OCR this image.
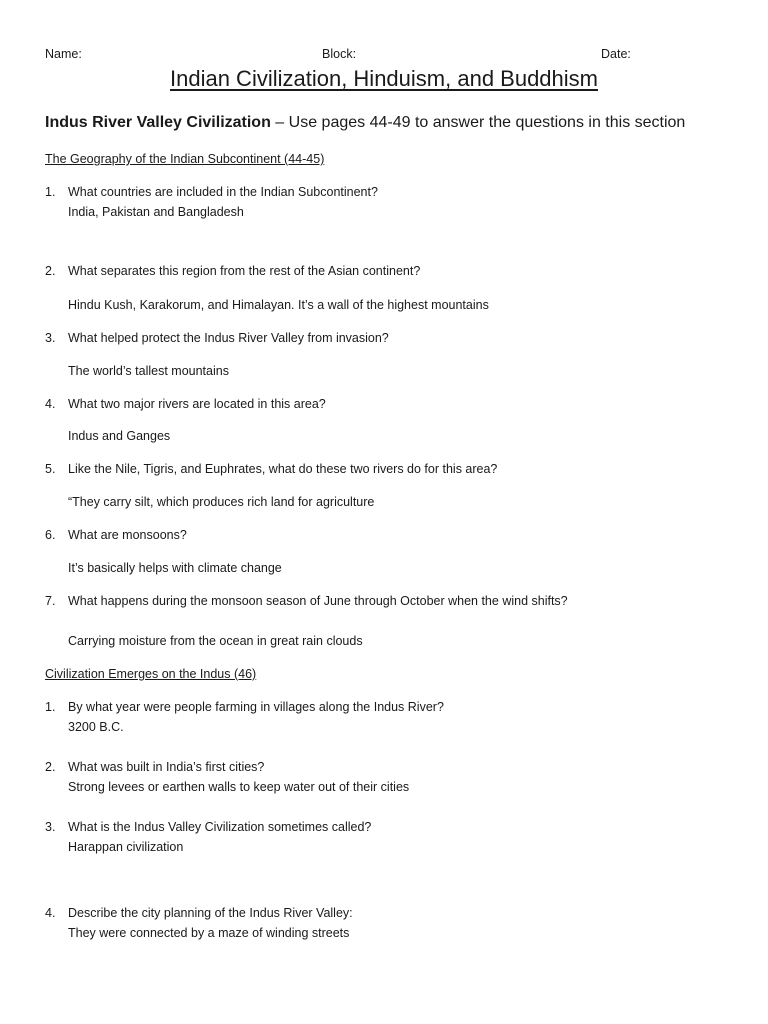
Name:	Block:	Date:
Indian Civilization, Hinduism, and Buddhism
Indus River Valley Civilization – Use pages 44-49 to answer the questions in this section
The Geography of the Indian Subcontinent (44-45)
1. What countries are included in the Indian Subcontinent?
India, Pakistan and Bangladesh
2. What separates this region from the rest of the Asian continent?
Hindu Kush, Karakorum, and Himalayan. It’s a wall of the highest mountains
3. What helped protect the Indus River Valley from invasion?
The world’s tallest mountains
4. What two major rivers are located in this area?
Indus and Ganges
5. Like the Nile, Tigris, and Euphrates, what do these two rivers do for this area?
“They carry silt, which produces rich land for agriculture
6. What are monsoons?
It’s basically helps with climate change
7. What happens during the monsoon season of June through October when the wind shifts?
Carrying moisture from the ocean in great rain clouds
Civilization Emerges on the Indus (46)
1. By what year were people farming in villages along the Indus River?
3200 B.C.
2. What was built in India’s first cities?
Strong levees or earthen walls to keep water out of their cities
3. What is the Indus Valley Civilization sometimes called?
Harappan civilization
4. Describe the city planning of the Indus River Valley:
They were connected by a maze of winding streets
